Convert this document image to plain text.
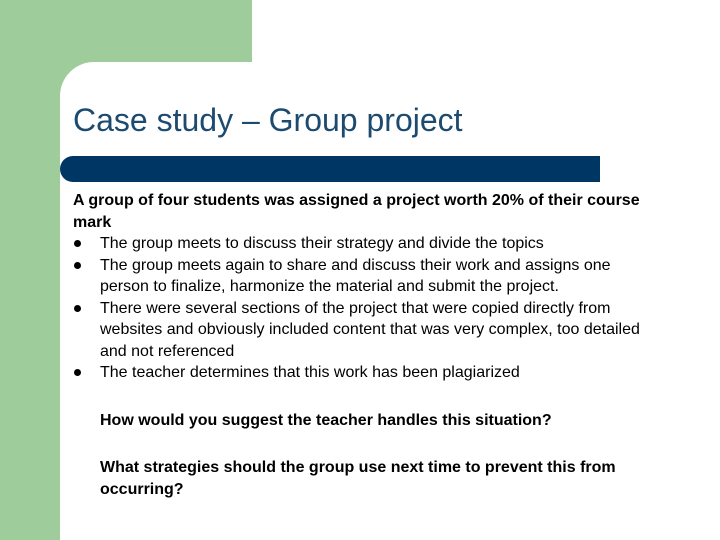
Case study – Group project

A group of four students was assigned a project worth 20% of their course mark

The group meets to discuss their strategy and divide the topics
The group meets again to share and discuss their work and assigns one person to finalize, harmonize the material and submit the project.
There were several sections of the project that were copied directly from websites and obviously included content that was very complex, too detailed and not referenced
The teacher determines that this work has been plagiarized

How would you suggest the teacher handles this situation?

What strategies should the group use next time to prevent this from occurring?
